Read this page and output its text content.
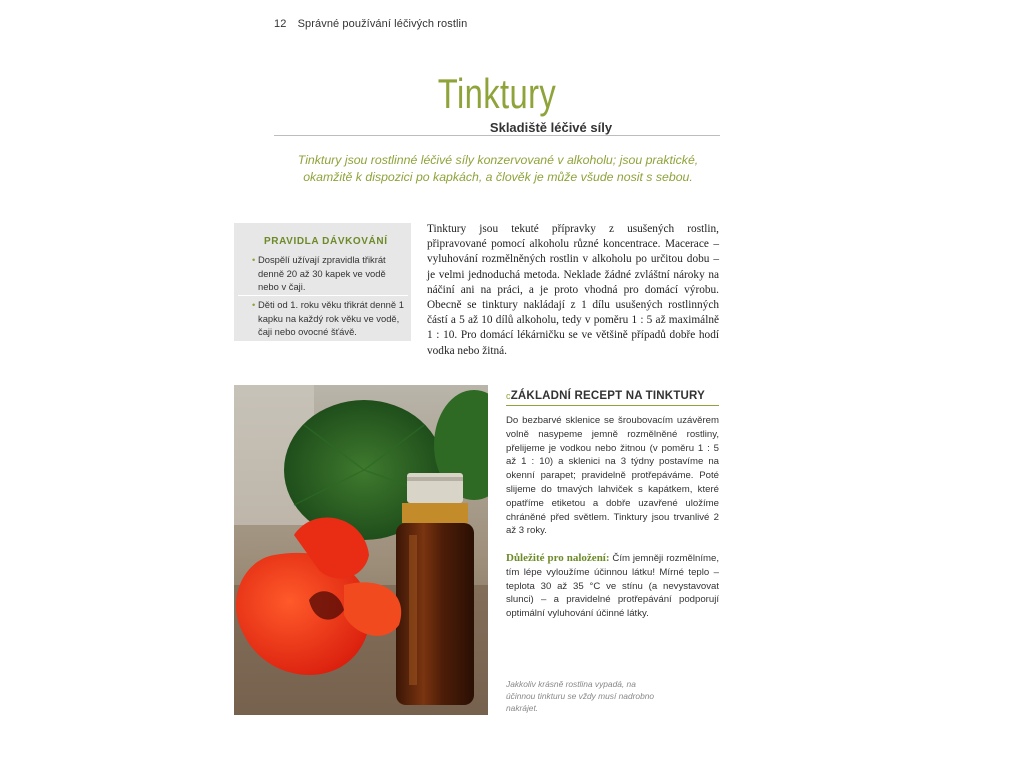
12 Správné používání léčivých rostlin
Tinktury
Skladiště léčivé síly
Tinktury jsou rostlinné léčivé síly konzervované v alkoholu; jsou praktické, okamžitě k dispozici po kapkách, a člověk je může všude nosit s sebou.
PRAVIDLA DÁVKOVÁNÍ
• Dospělí užívají zpravidla třikrát denně 20 až 30 kapek ve vodě nebo v čaji.
• Děti od 1. roku věku třikrát denně 1 kapku na každý rok věku ve vodě, čaji nebo ovocné šťávě.
Tinktury jsou tekuté přípravky z usušených rostlin, připravované pomocí alkoholu různé koncentrace. Macerace – vyluhování rozmělněných rostlin v alkoholu po určitou dobu – je velmi jednoduchá metoda. Neklade žádné zvláštní nároky na náčiní ani na práci, a je proto vhodná pro domácí výrobu. Obecně se tinktury nakládají z 1 dílu usušených rostlinných částí a 5 až 10 dílů alkoholu, tedy v poměru 1 : 5 až maximálně 1 : 10. Pro domácí lékárničku se ve většině případů dobře hodí vodka nebo žitná.
cZÁKLADNÍ RECEPT NA TINKTURY
Do bezbarvé sklenice se šroubovacím uzávěrem volně nasypeme jemně rozmělněné rostliny, přelijeme je vodkou nebo žitnou (v poměru 1 : 5 až 1 : 10) a sklenici na 3 týdny postavíme na okenní parapet; pravidelně protřepáváme. Poté slijeme do tmavých lahviček s kapátkem, které opatříme etiketou a dobře uzavřené uložíme chráněné před světlem. Tinktury jsou trvanlivé 2 až 3 roky.
Důležité pro naložení: Čím jemněji rozmělníme, tím lépe vyloužíme účinnou látku! Mírné teplo – teplota 30 až 35 °C ve stínu (a nevystavovat slunci) – a pravidelné protřepávání podporují optimální vyluhování účinné látky.
Jakkoliv krásně rostlina vypadá, na účinnou tinkturu se vždy musí nadrobno nakrájet.
